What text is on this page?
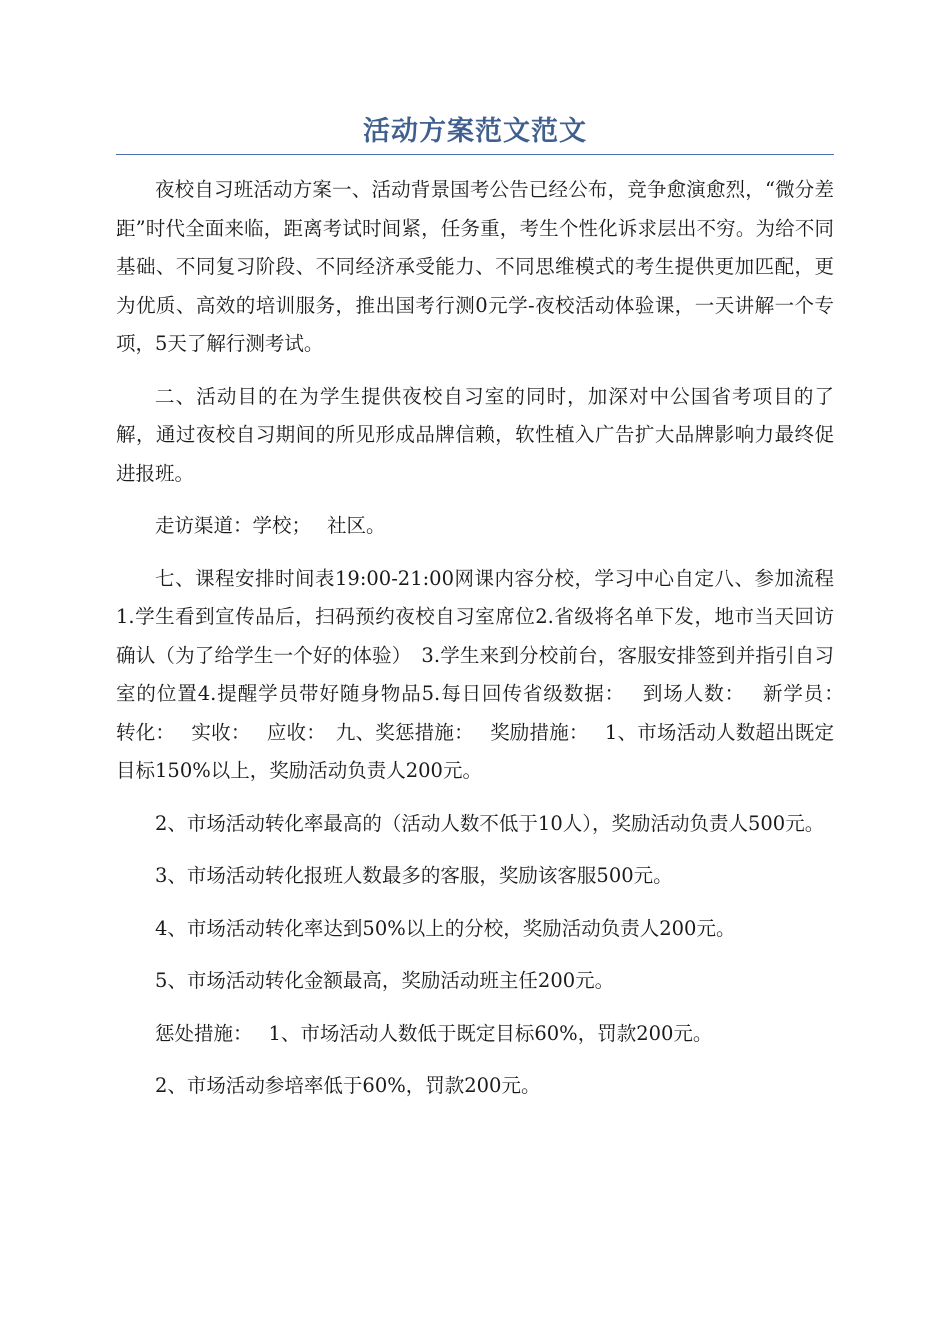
活动方案范文范文

夜校自习班活动方案一、活动背景国考公告已经公布，竞争愈演愈烈，“微分差距”时代全面来临，距离考试时间紧，任务重，考生个性化诉求层出不穷。为给不同基础、不同复习阶段、不同经济承受能力、不同思维模式的考生提供更加匹配，更为优质、高效的培训服务，推出国考行测0元学-夜校活动体验课，一天讲解一个专项，5天了解行测考试。

二、活动目的在为学生提供夜校自习室的同时，加深对中公国省考项目的了解，通过夜校自习期间的所见形成品牌信赖，软性植入广告扩大品牌影响力最终促进报班。

走访渠道：学校；　 社区。

七、课程安排时间表19:00-21:00网课内容分校，学习中心自定八、参加流程1.学生看到宣传品后，扫码预约夜校自习室席位2.省级将名单下发，地市当天回访确认（为了给学生一个好的体验）　3.学生来到分校前台，客服安排签到并指引自习室的位置4.提醒学员带好随身物品5.每日回传省级数据：　 到场人数：　 新学员：　 转化：　 实收：　 应收：　九、奖惩措施：　 奖励措施：　 1、市场活动人数超出既定目标150%以上，奖励活动负责人200元。

2、市场活动转化率最高的（活动人数不低于10人），奖励活动负责人500元。

3、市场活动转化报班人数最多的客服，奖励该客服500元。

4、市场活动转化率达到50%以上的分校，奖励活动负责人200元。

5、市场活动转化金额最高，奖励活动班主任200元。

惩处措施：　 1、市场活动人数低于既定目标60%，罚款200元。

2、市场活动参培率低于60%，罚款200元。
